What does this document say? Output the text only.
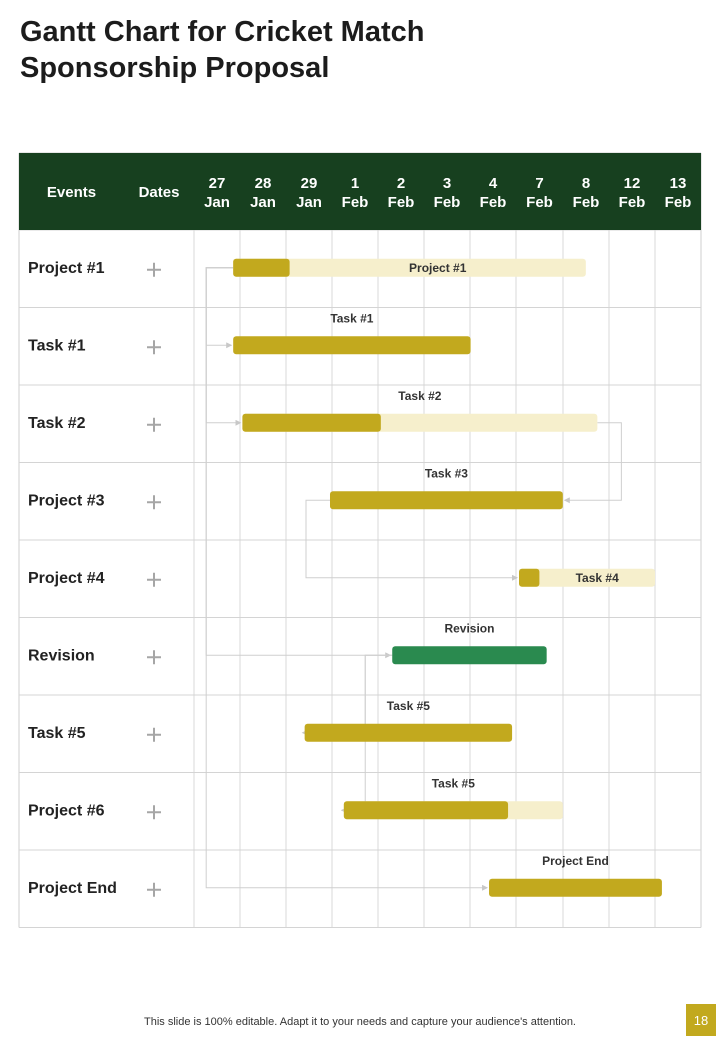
Gantt Chart for Cricket Match
Sponsorship Proposal
Events	Dates
27
Jan
28
Jan
29
Jan
1
Feb
2
Feb
3
Feb
4
Feb
7
Feb
8
Feb
12
Feb
13
Feb
Project #1
Task #1
Task #2
Project #3
Project #4
Revision
Task #5
Project #6
Project End
Project #1
Task #1
Task #2
Task #3
Task #4
Revision
Task #5
Task #5
Project End
This slide is 100% editable. Adapt it to your needs and capture your audience's attention.	18
